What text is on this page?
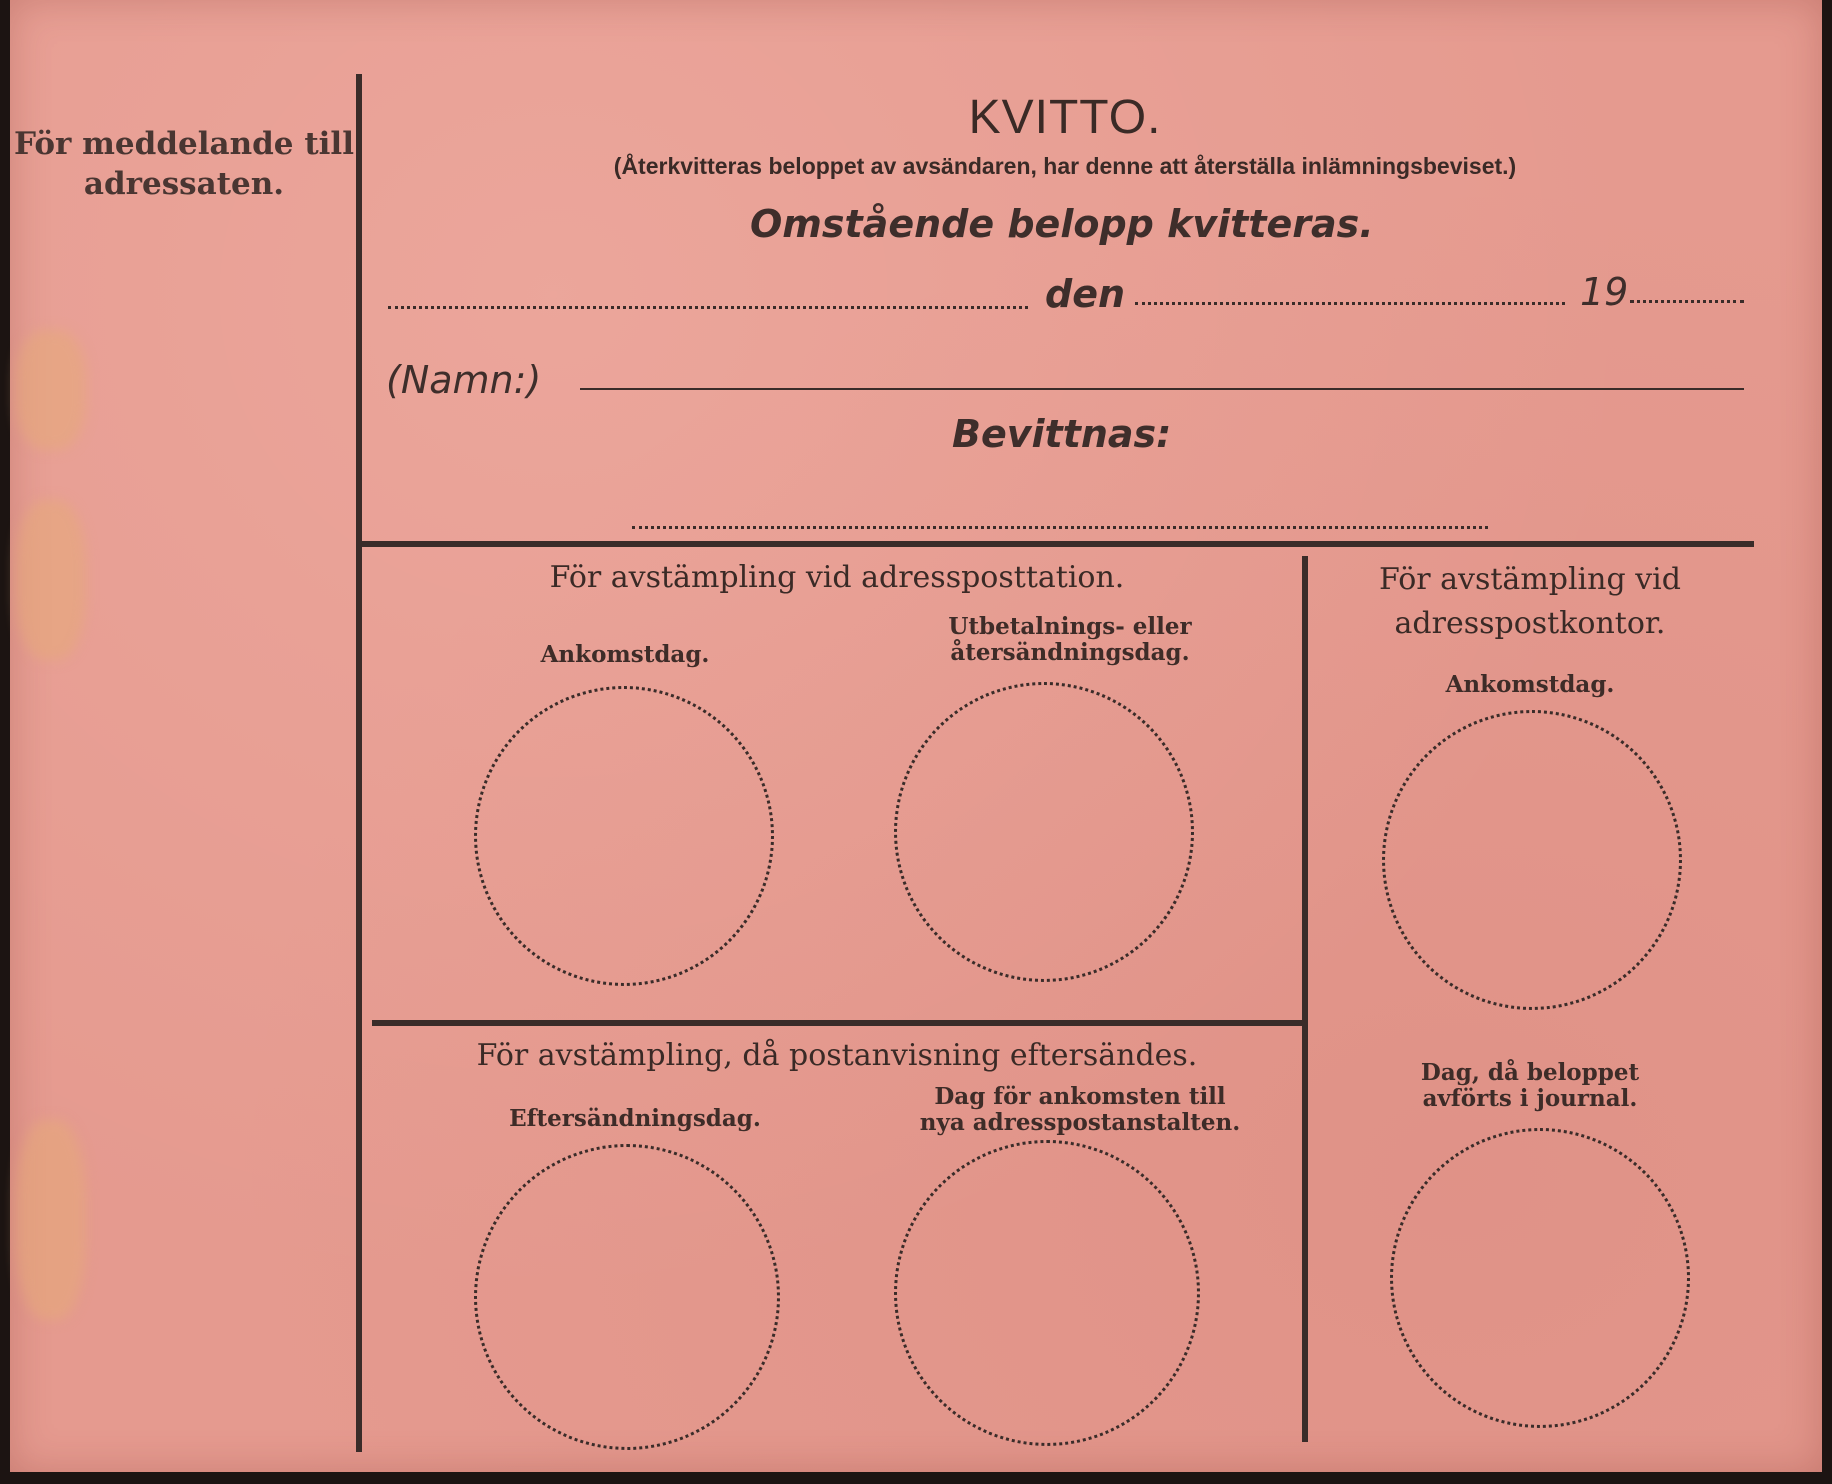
För meddelande till
adressaten.
KVITTO.
(Återkvitteras beloppet av avsändaren, har denne att återställa inlämningsbeviset.)
Omstående belopp kvitteras.
den	19
(Namn:)
Bevittnas:
För avstämpling vid adressposttation.
Ankomstdag.
Utbetalnings- eller
återsändningsdag.
För avstämpling vid
adresspostkontor.
Ankomstdag.
Dag, då beloppet
avförts i journal.
För avstämpling, då postanvisning eftersändes.
Eftersändningsdag.
Dag för ankomsten till
nya adresspostanstalten.
